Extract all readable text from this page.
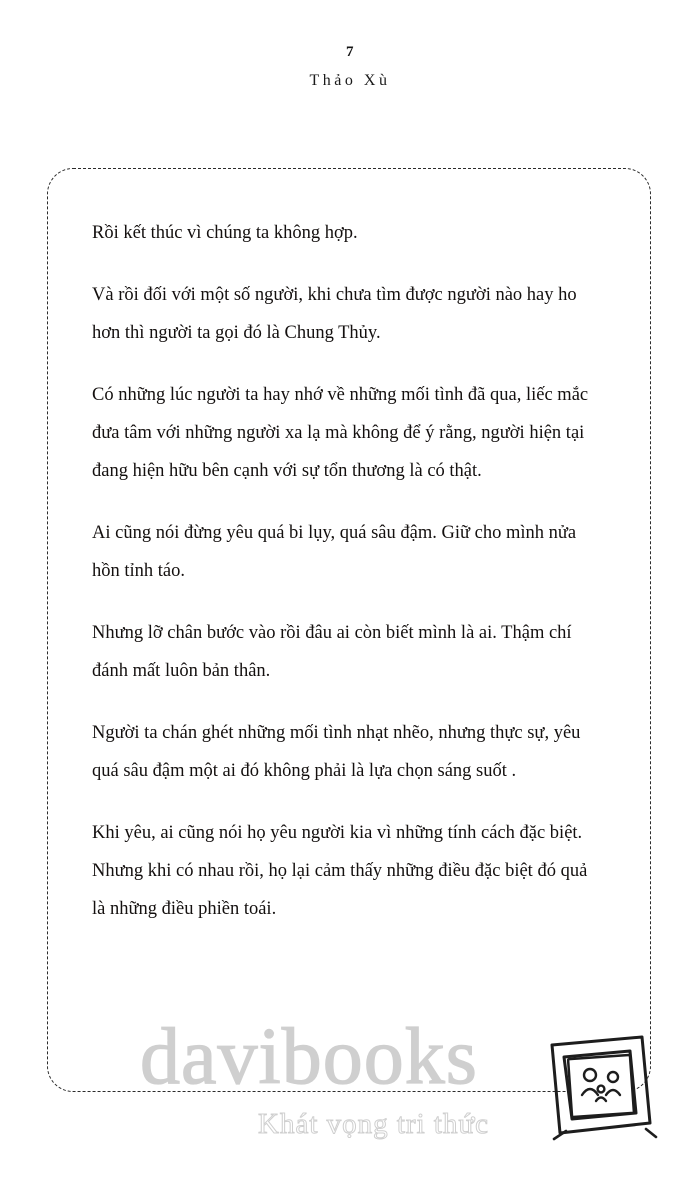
7
Thảo Xù

Rồi kết thúc vì chúng ta không hợp.

Và rồi đối với một số người, khi chưa tìm được người nào hay ho hơn thì người ta gọi đó là Chung Thủy.

Có những lúc người ta hay nhớ về những mối tình đã qua, liếc mắc đưa tâm với những người xa lạ mà không để ý rằng, người hiện tại đang hiện hữu bên cạnh với sự tổn thương là có thật.

Ai cũng nói đừng yêu quá bi lụy, quá sâu đậm. Giữ cho mình nửa hồn tỉnh táo.

Nhưng lỡ chân bước vào rồi đâu ai còn biết mình là ai. Thậm chí đánh mất luôn bản thân.

Người ta chán ghét những mối tình nhạt nhẽo, nhưng thực sự, yêu quá sâu đậm một ai đó không phải là lựa chọn sáng suốt .

Khi yêu, ai cũng nói họ yêu người kia vì những tính cách đặc biệt. Nhưng khi có nhau rồi, họ lại cảm thấy những điều đặc biệt đó quả là những điều phiền toái.

davibooks
Khát vọng tri thức
